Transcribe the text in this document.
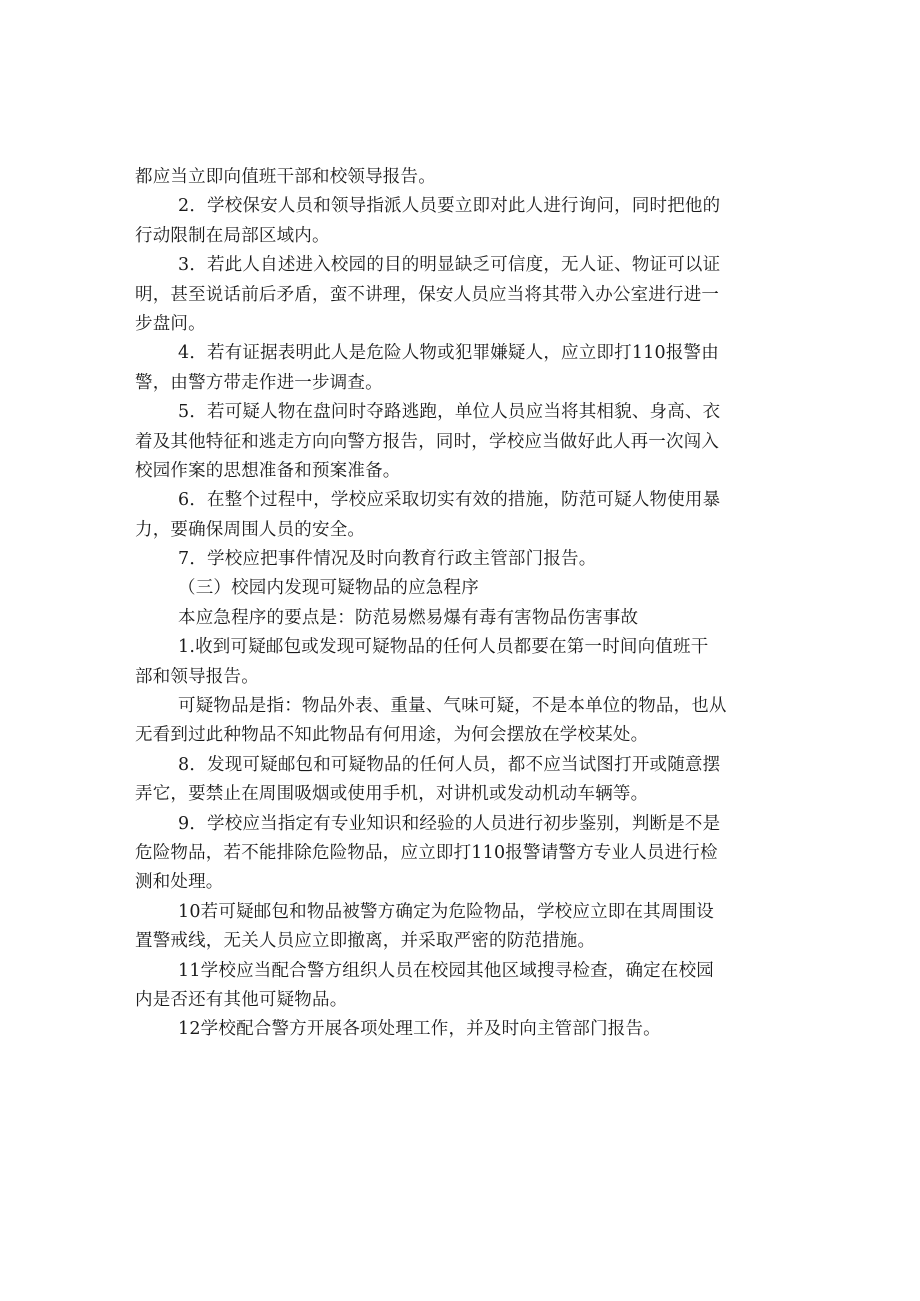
都应当立即向值班干部和校领导报告。
2．学校保安人员和领导指派人员要立即对此人进行询问，同时把他的
行动限制在局部区域内。
3．若此人自述进入校园的目的明显缺乏可信度，无人证、物证可以证
明，甚至说话前后矛盾，蛮不讲理，保安人员应当将其带入办公室进行进一
步盘问。
4．若有证据表明此人是危险人物或犯罪嫌疑人，应立即打110报警由
警，由警方带走作进一步调查。
5．若可疑人物在盘问时夺路逃跑，单位人员应当将其相貌、身高、衣
着及其他特征和逃走方向向警方报告，同时，学校应当做好此人再一次闯入
校园作案的思想准备和预案准备。
6．在整个过程中，学校应采取切实有效的措施，防范可疑人物使用暴
力，要确保周围人员的安全。
7．学校应把事件情况及时向教育行政主管部门报告。
（三）校园内发现可疑物品的应急程序
本应急程序的要点是：防范易燃易爆有毒有害物品伤害事故
1.收到可疑邮包或发现可疑物品的任何人员都要在第一时间向值班干
部和领导报告。
可疑物品是指：物品外表、重量、气味可疑，不是本单位的物品，也从
无看到过此种物品不知此物品有何用途，为何会摆放在学校某处。
8．发现可疑邮包和可疑物品的任何人员，都不应当试图打开或随意摆
弄它，要禁止在周围吸烟或使用手机，对讲机或发动机动车辆等。
9．学校应当指定有专业知识和经验的人员进行初步鉴别，判断是不是
危险物品，若不能排除危险物品，应立即打110报警请警方专业人员进行检
测和处理。
10若可疑邮包和物品被警方确定为危险物品，学校应立即在其周围设
置警戒线，无关人员应立即撤离，并采取严密的防范措施。
11学校应当配合警方组织人员在校园其他区域搜寻检查，确定在校园
内是否还有其他可疑物品。
12学校配合警方开展各项处理工作，并及时向主管部门报告。
